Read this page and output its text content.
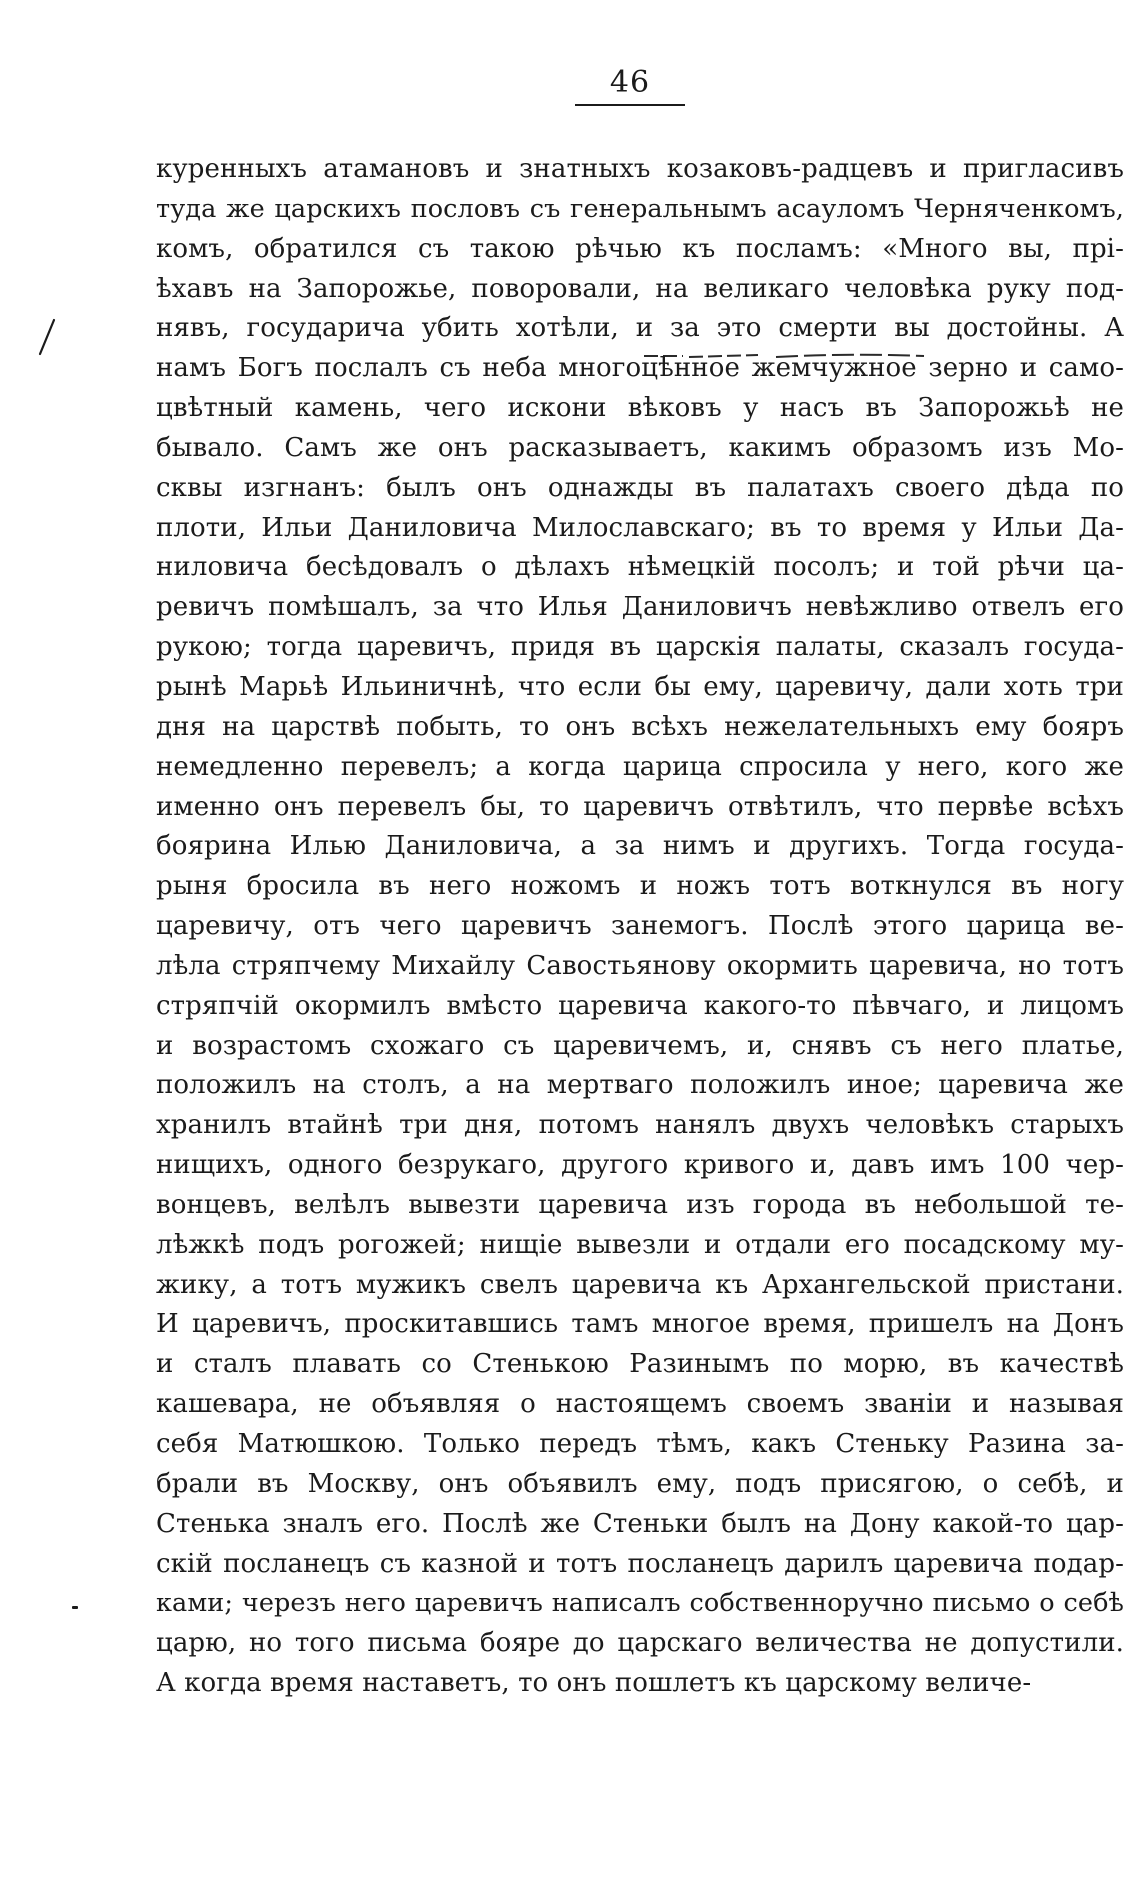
46
куренныхъ атамановъ и знатныхъ козаковъ-радцевъ и пригласивъ
туда же царскихъ пословъ съ генеральнымъ асауломъ Черняченкомъ,
комъ, обратился съ такою рѣчью къ посламъ: «Много вы, прі-
ѣхавъ на Запорожье, поворовали, на великаго человѣка руку под-
нявъ, государича убить хотѣли, и за это смерти вы достойны. А
намъ Богъ послалъ съ неба многоцѣнное жемчужное зерно и само-
цвѣтный камень, чего искони вѣковъ у насъ въ Запорожьѣ не
бывало. Самъ же онъ расказываетъ, какимъ образомъ изъ Мо-
сквы изгнанъ: былъ онъ однажды въ палатахъ своего дѣда по
плоти, Ильи Даниловича Милославскаго; въ то время у Ильи Да-
ниловича бесѣдовалъ о дѣлахъ нѣмецкій посолъ; и той рѣчи ца-
ревичъ помѣшалъ, за что Илья Даниловичъ невѣжливо отвелъ его
рукою; тогда царевичъ, придя въ царскія палаты, сказалъ госуда-
рынѣ Марьѣ Ильиничнѣ, что если бы ему, царевичу, дали хоть три
дня на царствѣ побыть, то онъ всѣхъ нежелательныхъ ему бояръ
немедленно перевелъ; а когда царица спросила у него, кого же
именно онъ перевелъ бы, то царевичъ отвѣтилъ, что первѣе всѣхъ
боярина Илью Даниловича, а за нимъ и другихъ. Тогда госуда-
рыня бросила въ него ножомъ и ножъ тотъ воткнулся въ ногу
царевичу, отъ чего царевичъ занемогъ. Послѣ этого царица ве-
лѣла стряпчему Михайлу Савостьянову окормить царевича, но тотъ
стряпчій окормилъ вмѣсто царевича какого-то пѣвчаго, и лицомъ
и возрастомъ схожаго съ царевичемъ, и, снявъ съ него платье,
положилъ на столъ, а на мертваго положилъ иное; царевича же
хранилъ втайнѣ три дня, потомъ нанялъ двухъ человѣкъ старыхъ
нищихъ, одного безрукаго, другого кривого и, давъ имъ 100 чер-
вонцевъ, велѣлъ вывезти царевича изъ города въ небольшой те-
лѣжкѣ подъ рогожей; нищіе вывезли и отдали его посадскому му-
жику, а тотъ мужикъ свелъ царевича къ Архангельской пристани.
И царевичъ, проскитавшись тамъ многое время, пришелъ на Донъ
и сталъ плавать со Стенькою Разинымъ по морю, въ качествѣ
кашевара, не объявляя о настоящемъ своемъ званіи и называя
себя Матюшкою. Только передъ тѣмъ, какъ Стеньку Разина за-
брали въ Москву, онъ объявилъ ему, подъ присягою, о себѣ, и
Стенька зналъ его. Послѣ же Стеньки былъ на Дону какой-то цар-
скій посланецъ съ казной и тотъ посланецъ дарилъ царевича подар-
ками; черезъ него царевичъ написалъ собственноручно письмо о себѣ
царю, но того письма бояре до царскаго величества не допустили.
А когда время наставетъ, то онъ пошлетъ къ царскому величе-
